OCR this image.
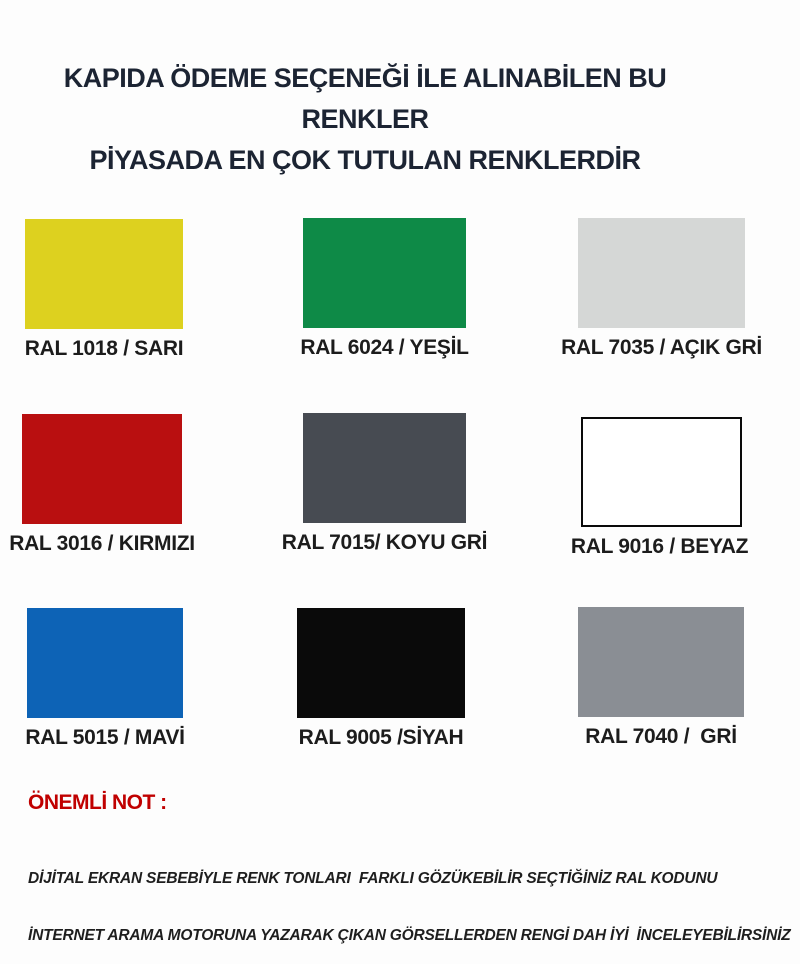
KAPIDA ÖDEME SEÇENEĞİ İLE ALINABİLEN BU RENKLER
PİYASADA EN ÇOK TUTULAN RENKLERDİR
RAL 1018 / SARI	RAL 6024 / YEŞİL	RAL 7035 / AÇIK GRİ
RAL 3016 / KIRMIZI	RAL 7015/ KOYU GRİ	RAL 9016 / BEYAZ
RAL 5015 / MAVİ	RAL 9005 /SİYAH	RAL 7040 /  GRİ
ÖNEMLİ NOT :

DİJİTAL EKRAN SEBEBİYLE RENK TONLARI  FARKLI GÖZÜKEBİLİR SEÇTİĞİNİZ RAL KODUNU

İNTERNET ARAMA MOTORUNA YAZARAK ÇIKAN GÖRSELLERDEN RENGİ DAH İYİ  İNCELEYEBİLİRSİNİZ
